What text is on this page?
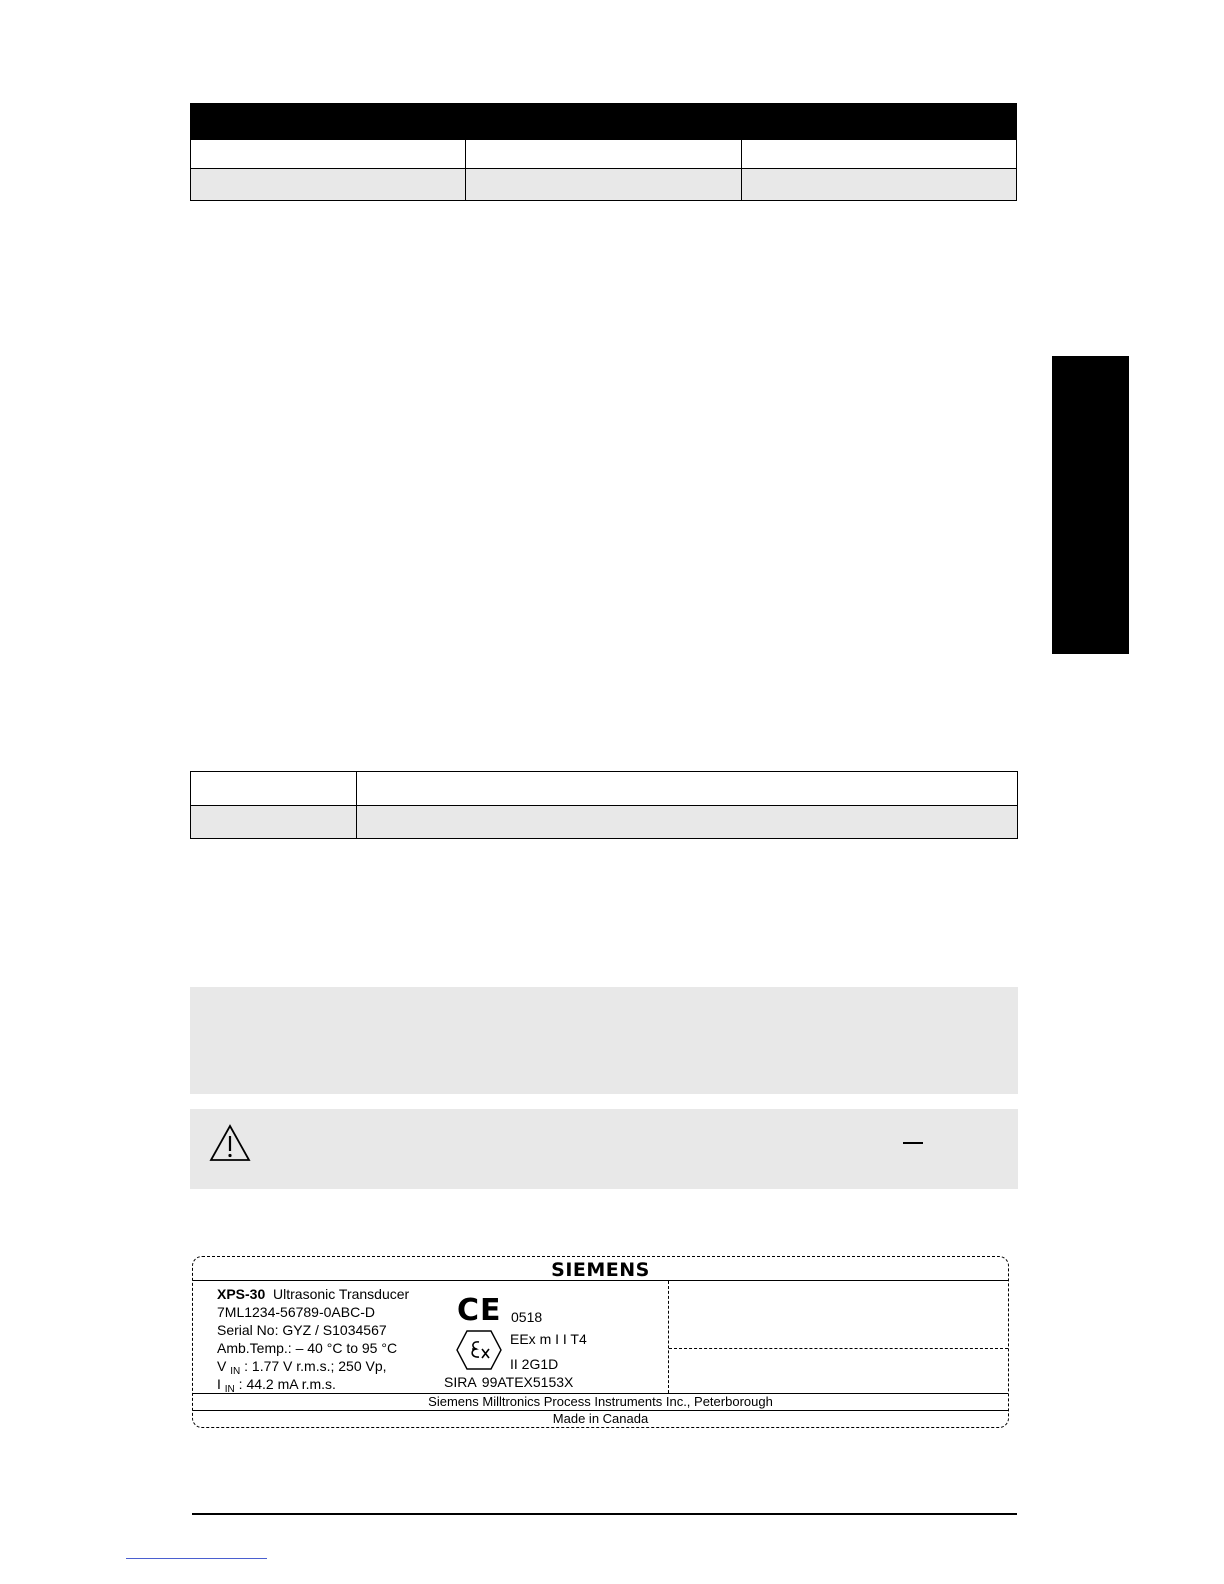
SIEMENS
XPS-30 Ultrasonic Transducer
7ML1234-56789-0ABC-D
Serial No: GYZ / S1034567
Amb.Temp.: – 40 °C to 95 °C
V $_{IN}$ : 1.77 V r.m.s.; 250 Vp,
I $_{IN}$ : 44.2 mA r.m.s.
CE 0518
EEx m I I T4
II 2G1D
SIRA 99ATEX5153X
Siemens Milltronics Process Instruments Inc., Peterborough
Made in Canada
